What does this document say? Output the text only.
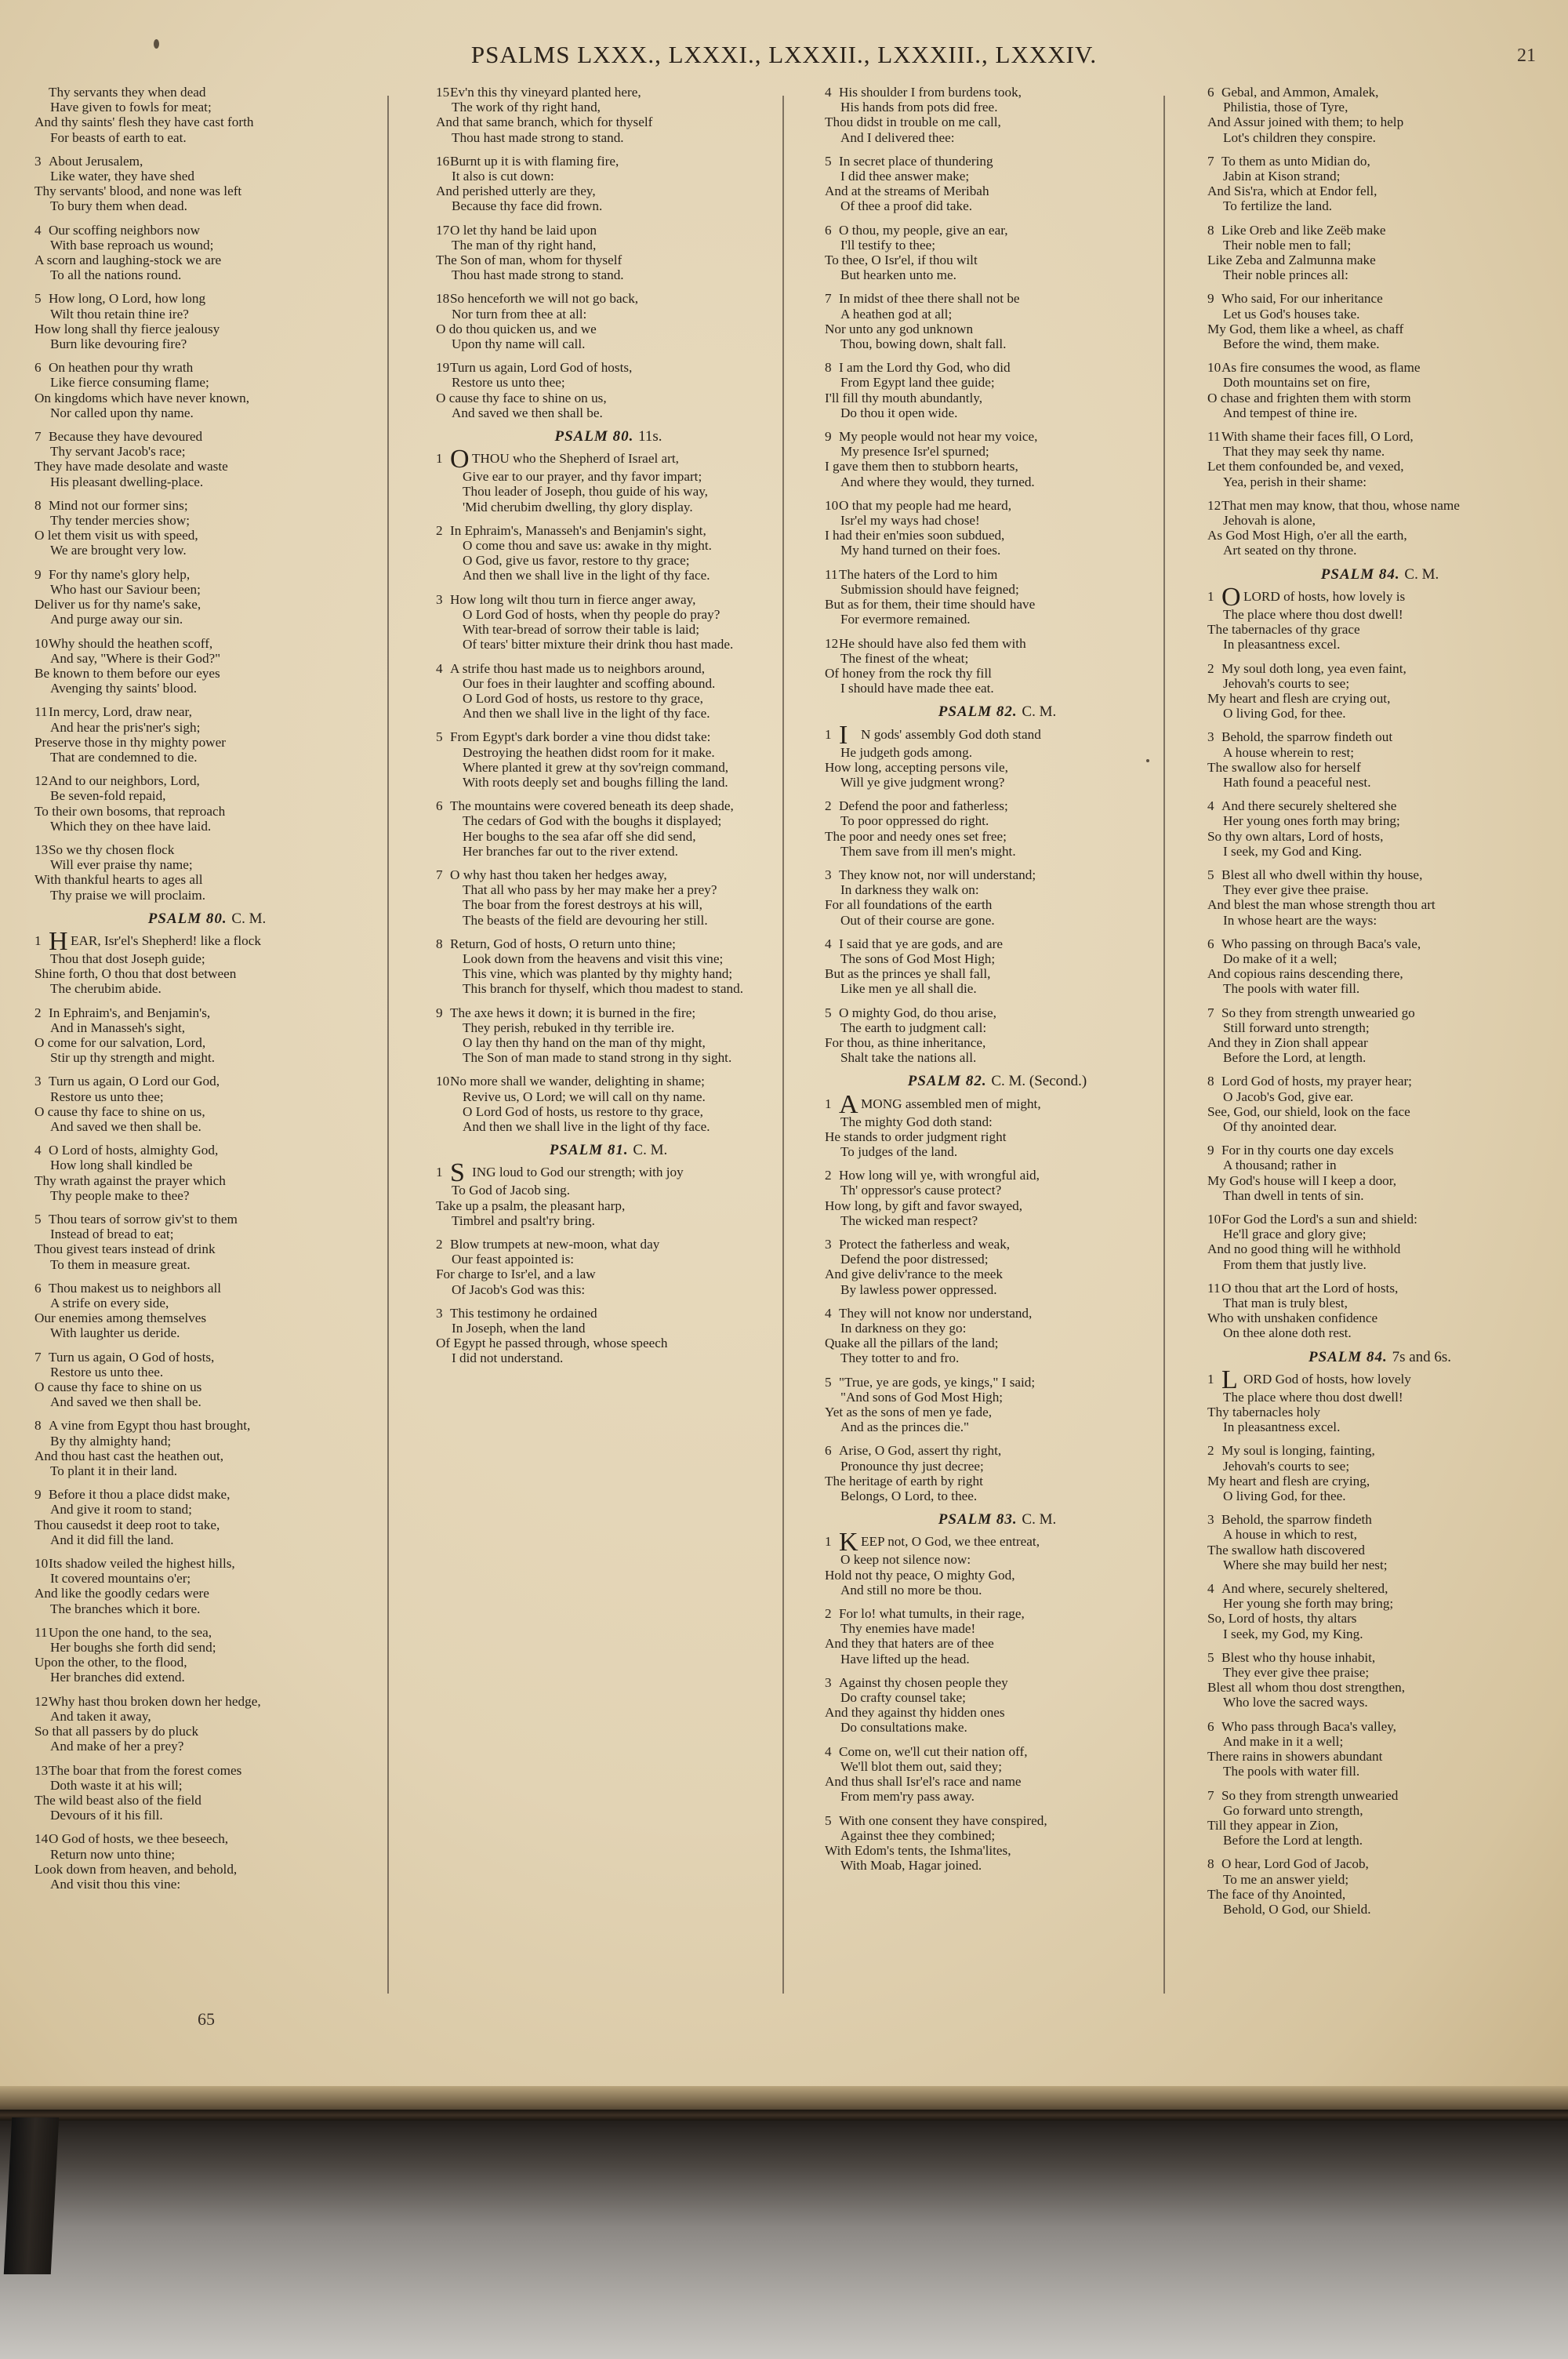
PSALMS LXXX., LXXXI., LXXXII., LXXXIII., LXXXIV.	21
Thy servants they when dead
Have given to fowls for meat;
And thy saints' flesh they have cast forth
For beasts of earth to eat.
3 About Jerusalem,
Like water, they have shed
Thy servants' blood, and none was left
To bury them when dead.
4 Our scoffing neighbors now
With base reproach us wound;
A scorn and laughing-stock we are
To all the nations round.
5 How long, O Lord, how long
Wilt thou retain thine ire?
How long shall thy fierce jealousy
Burn like devouring fire?
6 On heathen pour thy wrath
Like fierce consuming flame;
On kingdoms which have never known,
Nor called upon thy name.
7 Because they have devoured
Thy servant Jacob's race;
They have made desolate and waste
His pleasant dwelling-place.
8 Mind not our former sins;
Thy tender mercies show;
O let them visit us with speed,
We are brought very low.
9 For thy name's glory help,
Who hast our Saviour been;
Deliver us for thy name's sake,
And purge away our sin.
10Why should the heathen scoff,
And say, "Where is their God?"
Be known to them before our eyes
Avenging thy saints' blood.
11In mercy, Lord, draw near,
And hear the pris'ner's sigh;
Preserve those in thy mighty power
That are condemned to die.
12And to our neighbors, Lord,
Be seven-fold repaid,
To their own bosoms, that reproach
Which they on thee have laid.
13So we thy chosen flock
Will ever praise thy name;
With thankful hearts to ages all
Thy praise we will proclaim.
PSALM 80. C. M.
1 H EAR, Isr'el's Shepherd! like a flock
Thou that dost Joseph guide;
Shine forth, O thou that dost between
The cherubim abide.
2 In Ephraim's, and Benjamin's,
And in Manasseh's sight,
O come for our salvation, Lord,
Stir up thy strength and might.
3 Turn us again, O Lord our God,
Restore us unto thee;
O cause thy face to shine on us,
And saved we then shall be.
4 O Lord of hosts, almighty God,
How long shall kindled be
Thy wrath against the prayer which
Thy people make to thee?
5 Thou tears of sorrow giv'st to them
Instead of bread to eat;
Thou givest tears instead of drink
To them in measure great.
6 Thou makest us to neighbors all
A strife on every side,
Our enemies among themselves
With laughter us deride.
7 Turn us again, O God of hosts,
Restore us unto thee.
O cause thy face to shine on us
And saved we then shall be.
8 A vine from Egypt thou hast brought,
By thy almighty hand;
And thou hast cast the heathen out,
To plant it in their land.
9 Before it thou a place didst make,
And give it room to stand;
Thou causedst it deep root to take,
And it did fill the land.
10Its shadow veiled the highest hills,
It covered mountains o'er;
And like the goodly cedars were
The branches which it bore.
11Upon the one hand, to the sea,
Her boughs she forth did send;
Upon the other, to the flood,
Her branches did extend.
12Why hast thou broken down her hedge,
And taken it away,
So that all passers by do pluck
And make of her a prey?
13The boar that from the forest comes
Doth waste it at his will;
The wild beast also of the field
Devours of it his fill.
14O God of hosts, we thee beseech,
Return now unto thine;
Look down from heaven, and behold,
And visit thou this vine:
15Ev'n this thy vineyard planted here,
The work of thy right hand,
And that same branch, which for thyself
Thou hast made strong to stand.
16Burnt up it is with flaming fire,
It also is cut down:
And perished utterly are they,
Because thy face did frown.
17O let thy hand be laid upon
The man of thy right hand,
The Son of man, whom for thyself
Thou hast made strong to stand.
18So henceforth we will not go back,
Nor turn from thee at all:
O do thou quicken us, and we
Upon thy name will call.
19Turn us again, Lord God of hosts,
Restore us unto thee;
O cause thy face to shine on us,
And saved we then shall be.
PSALM 80. 11s.
1 O THOU who the Shepherd of Israel art,
Give ear to our prayer, and thy favor impart;
Thou leader of Joseph, thou guide of his way,
'Mid cherubim dwelling, thy glory display.
2 In Ephraim's, Manasseh's and Benjamin's sight,
O come thou and save us: awake in thy might.
O God, give us favor, restore to thy grace;
And then we shall live in the light of thy face.
3 How long wilt thou turn in fierce anger away,
O Lord God of hosts, when thy people do pray?
With tear-bread of sorrow their table is laid;
Of tears' bitter mixture their drink thou hast made.
4 A strife thou hast made us to neighbors around,
Our foes in their laughter and scoffing abound.
O Lord God of hosts, us restore to thy grace,
And then we shall live in the light of thy face.
5 From Egypt's dark border a vine thou didst take:
Destroying the heathen didst room for it make.
Where planted it grew at thy sov'reign command,
With roots deeply set and boughs filling the land.
6 The mountains were covered beneath its deep shade,
The cedars of God with the boughs it displayed;
Her boughs to the sea afar off she did send,
Her branches far out to the river extend.
7 O why hast thou taken her hedges away,
That all who pass by her may make her a prey?
The boar from the forest destroys at his will,
The beasts of the field are devouring her still.
8 Return, God of hosts, O return unto thine;
Look down from the heavens and visit this vine;
This vine, which was planted by thy mighty hand;
This branch for thyself, which thou madest to stand.
9 The axe hews it down; it is burned in the fire;
They perish, rebuked in thy terrible ire.
O lay then thy hand on the man of thy might,
The Son of man made to stand strong in thy sight.
10No more shall we wander, delighting in shame;
Revive us, O Lord; we will call on thy name.
O Lord God of hosts, us restore to thy grace,
And then we shall live in the light of thy face.
PSALM 81. C. M.
1 S ING loud to God our strength; with joy
To God of Jacob sing.
Take up a psalm, the pleasant harp,
Timbrel and psalt'ry bring.
2 Blow trumpets at new-moon, what day
Our feast appointed is:
For charge to Isr'el, and a law
Of Jacob's God was this:
3 This testimony he ordained
In Joseph, when the land
Of Egypt he passed through, whose speech
I did not understand.
4 His shoulder I from burdens took,
His hands from pots did free.
Thou didst in trouble on me call,
And I delivered thee:
5 In secret place of thundering
I did thee answer make;
And at the streams of Meribah
Of thee a proof did take.
6 O thou, my people, give an ear,
I'll testify to thee;
To thee, O Isr'el, if thou wilt
But hearken unto me.
7 In midst of thee there shall not be
A heathen god at all;
Nor unto any god unknown
Thou, bowing down, shalt fall.
8 I am the Lord thy God, who did
From Egypt land thee guide;
I'll fill thy mouth abundantly,
Do thou it open wide.
9 My people would not hear my voice,
My presence Isr'el spurned;
I gave them then to stubborn hearts,
And where they would, they turned.
10O that my people had me heard,
Isr'el my ways had chose!
I had their en'mies soon subdued,
My hand turned on their foes.
11The haters of the Lord to him
Submission should have feigned;
But as for them, their time should have
For evermore remained.
12He should have also fed them with
The finest of the wheat;
Of honey from the rock thy fill
I should have made thee eat.
PSALM 82. C. M.
1 I N gods' assembly God doth stand
He judgeth gods among.
How long, accepting persons vile,
Will ye give judgment wrong?
2 Defend the poor and fatherless;
To poor oppressed do right.
The poor and needy ones set free;
Them save from ill men's might.
3 They know not, nor will understand;
In darkness they walk on:
For all foundations of the earth
Out of their course are gone.
4 I said that ye are gods, and are
The sons of God Most High;
But as the princes ye shall fall,
Like men ye all shall die.
5 O mighty God, do thou arise,
The earth to judgment call:
For thou, as thine inheritance,
Shalt take the nations all.
PSALM 82. C. M. (Second.)
1 A MONG assembled men of might,
The mighty God doth stand:
He stands to order judgment right
To judges of the land.
2 How long will ye, with wrongful aid,
Th' oppressor's cause protect?
How long, by gift and favor swayed,
The wicked man respect?
3 Protect the fatherless and weak,
Defend the poor distressed;
And give deliv'rance to the meek
By lawless power oppressed.
4 They will not know nor understand,
In darkness on they go:
Quake all the pillars of the land;
They totter to and fro.
5 "True, ye are gods, ye kings," I said;
"And sons of God Most High;
Yet as the sons of men ye fade,
And as the princes die."
6 Arise, O God, assert thy right,
Pronounce thy just decree;
The heritage of earth by right
Belongs, O Lord, to thee.
PSALM 83. C. M.
1 K EEP not, O God, we thee entreat,
O keep not silence now:
Hold not thy peace, O mighty God,
And still no more be thou.
2 For lo! what tumults, in their rage,
Thy enemies have made!
And they that haters are of thee
Have lifted up the head.
3 Against thy chosen people they
Do crafty counsel take;
And they against thy hidden ones
Do consultations make.
4 Come on, we'll cut their nation off,
We'll blot them out, said they;
And thus shall Isr'el's race and name
From mem'ry pass away.
5 With one consent they have conspired,
Against thee they combined;
With Edom's tents, the Ishma'lites,
With Moab, Hagar joined.
6 Gebal, and Ammon, Amalek,
Philistia, those of Tyre,
And Assur joined with them; to help
Lot's children they conspire.
7 To them as unto Midian do,
Jabin at Kison strand;
And Sis'ra, which at Endor fell,
To fertilize the land.
8 Like Oreb and like Zeëb make
Their noble men to fall;
Like Zeba and Zalmunna make
Their noble princes all:
9 Who said, For our inheritance
Let us God's houses take.
My God, them like a wheel, as chaff
Before the wind, them make.
10As fire consumes the wood, as flame
Doth mountains set on fire,
O chase and frighten them with storm
And tempest of thine ire.
11With shame their faces fill, O Lord,
That they may seek thy name.
Let them confounded be, and vexed,
Yea, perish in their shame:
12That men may know, that thou, whose name
Jehovah is alone,
As God Most High, o'er all the earth,
Art seated on thy throne.
PSALM 84. C. M.
1 O LORD of hosts, how lovely is
The place where thou dost dwell!
The tabernacles of thy grace
In pleasantness excel.
2 My soul doth long, yea even faint,
Jehovah's courts to see;
My heart and flesh are crying out,
O living God, for thee.
3 Behold, the sparrow findeth out
A house wherein to rest;
The swallow also for herself
Hath found a peaceful nest.
4 And there securely sheltered she
Her young ones forth may bring;
So thy own altars, Lord of hosts,
I seek, my God and King.
5 Blest all who dwell within thy house,
They ever give thee praise.
And blest the man whose strength thou art
In whose heart are the ways:
6 Who passing on through Baca's vale,
Do make of it a well;
And copious rains descending there,
The pools with water fill.
7 So they from strength unwearied go
Still forward unto strength;
And they in Zion shall appear
Before the Lord, at length.
8 Lord God of hosts, my prayer hear;
O Jacob's God, give ear.
See, God, our shield, look on the face
Of thy anointed dear.
9 For in thy courts one day excels
A thousand; rather in
My God's house will I keep a door,
Than dwell in tents of sin.
10For God the Lord's a sun and shield:
He'll grace and glory give;
And no good thing will he withhold
From them that justly live.
11O thou that art the Lord of hosts,
That man is truly blest,
Who with unshaken confidence
On thee alone doth rest.
PSALM 84. 7s and 6s.
1 L ORD God of hosts, how lovely
The place where thou dost dwell!
Thy tabernacles holy
In pleasantness excel.
2 My soul is longing, fainting,
Jehovah's courts to see;
My heart and flesh are crying,
O living God, for thee.
3 Behold, the sparrow findeth
A house in which to rest,
The swallow hath discovered
Where she may build her nest;
4 And where, securely sheltered,
Her young she forth may bring;
So, Lord of hosts, thy altars
I seek, my God, my King.
5 Blest who thy house inhabit,
They ever give thee praise;
Blest all whom thou dost strengthen,
Who love the sacred ways.
6 Who pass through Baca's valley,
And make in it a well;
There rains in showers abundant
The pools with water fill.
7 So they from strength unwearied
Go forward unto strength,
Till they appear in Zion,
Before the Lord at length.
8 O hear, Lord God of Jacob,
To me an answer yield;
The face of thy Anointed,
Behold, O God, our Shield.
65
